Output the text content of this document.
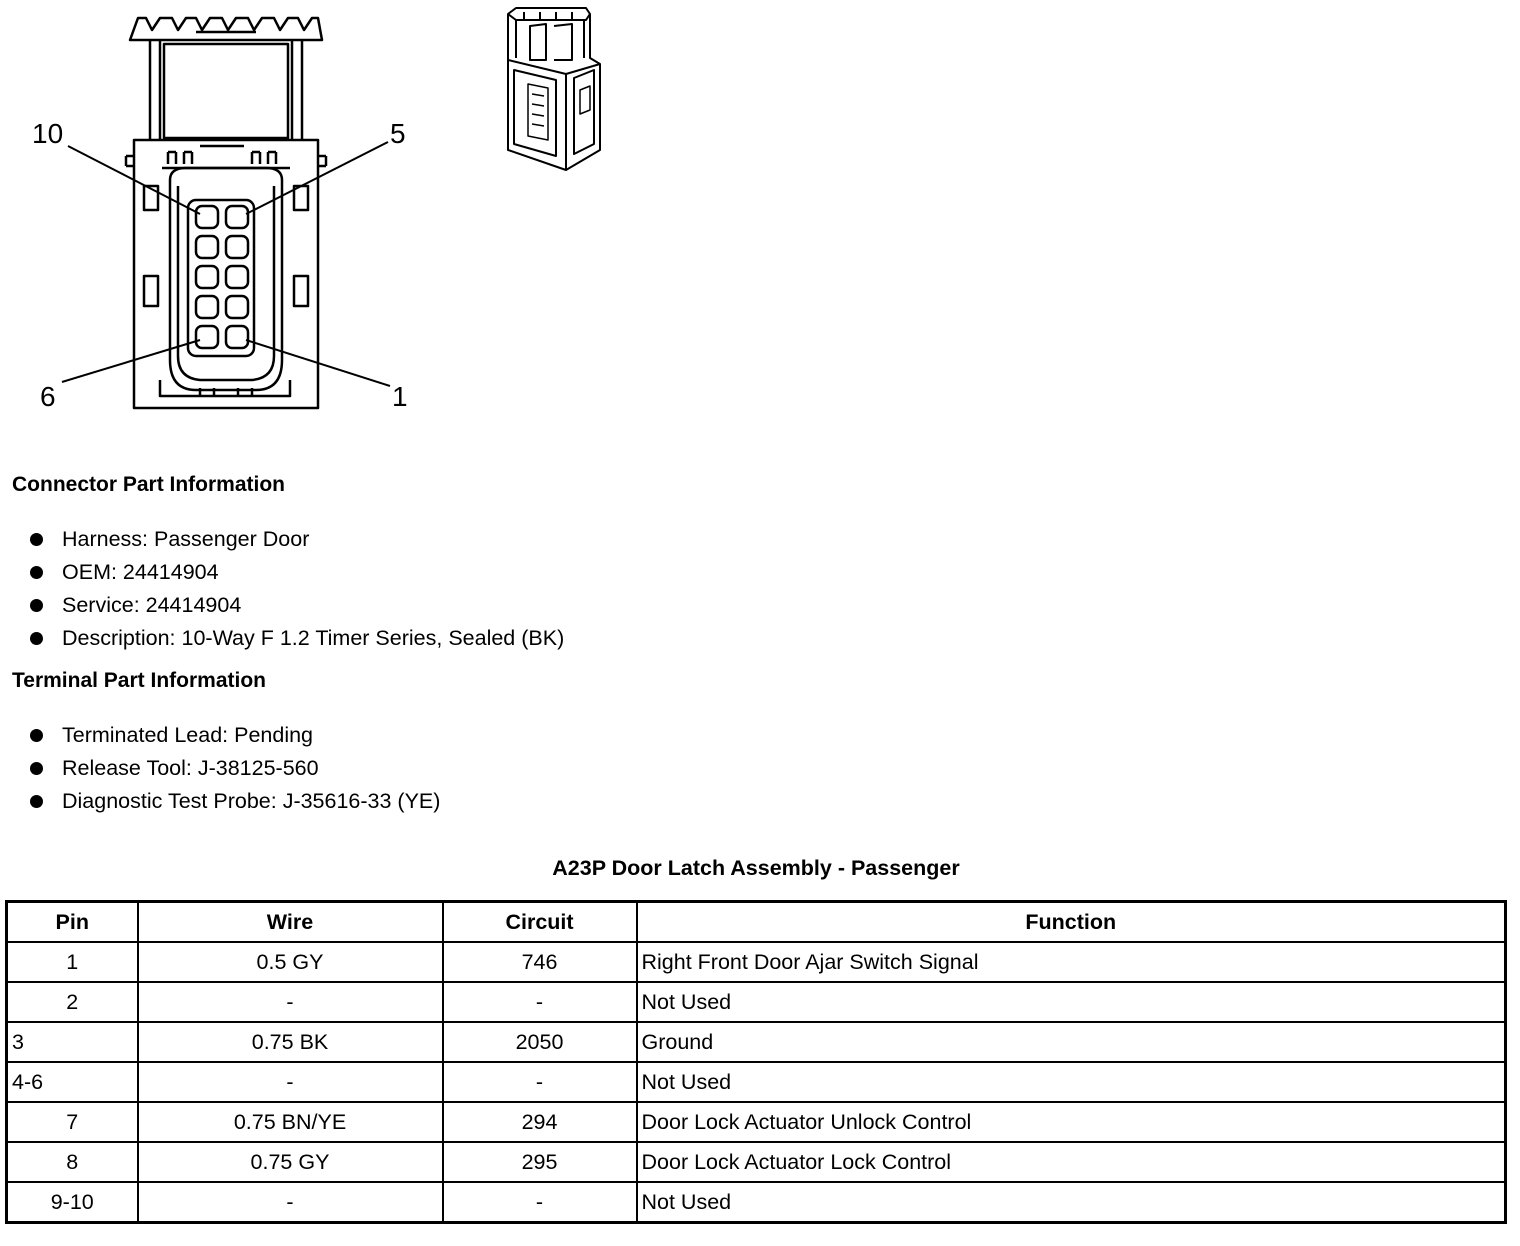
10	5
6	1
Connector Part Information
Harness: Passenger Door
OEM: 24414904
Service: 24414904
Description: 10-Way F 1.2 Timer Series, Sealed (BK)
Terminal Part Information
Terminated Lead: Pending
Release Tool: J-38125-560
Diagnostic Test Probe: J-35616-33 (YE)
A23P Door Latch Assembly - Passenger
Pin	Wire	Circuit	Function
1	0.5 GY	746	Right Front Door Ajar Switch Signal
2	-	-	Not Used
3	0.75 BK	2050	Ground
4-6	-	-	Not Used
7	0.75 BN/YE	294	Door Lock Actuator Unlock Control
8	0.75 GY	295	Door Lock Actuator Lock Control
9-10	-	-	Not Used
